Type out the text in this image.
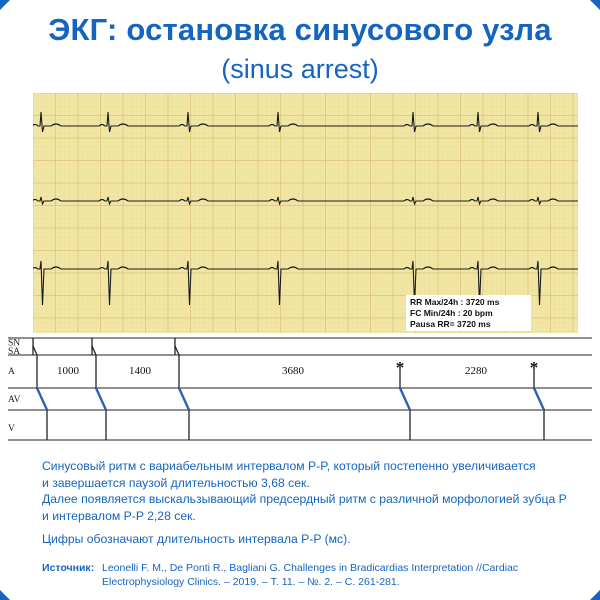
ЭКГ: остановка синусового узла
(sinus arrest)
RR Max/24h : 3720 ms
FC Min/24h : 20 bpm
Pausa RR= 3720 ms
SN
SA
A
AV
V
*	*
1000	1400	3680	2280

Синусовый ритм с вариабельным интервалом P-P, который постепенно увеличивается

и завершается паузой длительностью 3,68 сек.

Далее появляется выскальзывающий предсердный ритм с различной морфологией зубца P

и интервалом P-P 2,28 сек.

Цифры обозначают длительность интервала P-P (мс).

Источник: Leonelli F. M., De Ponti R., Bagliani G. Challenges in Bradicardias Interpretation //Cardiac
Electrophysiology Clinics. – 2019. – Т. 11. – №. 2. – С. 261-281.
